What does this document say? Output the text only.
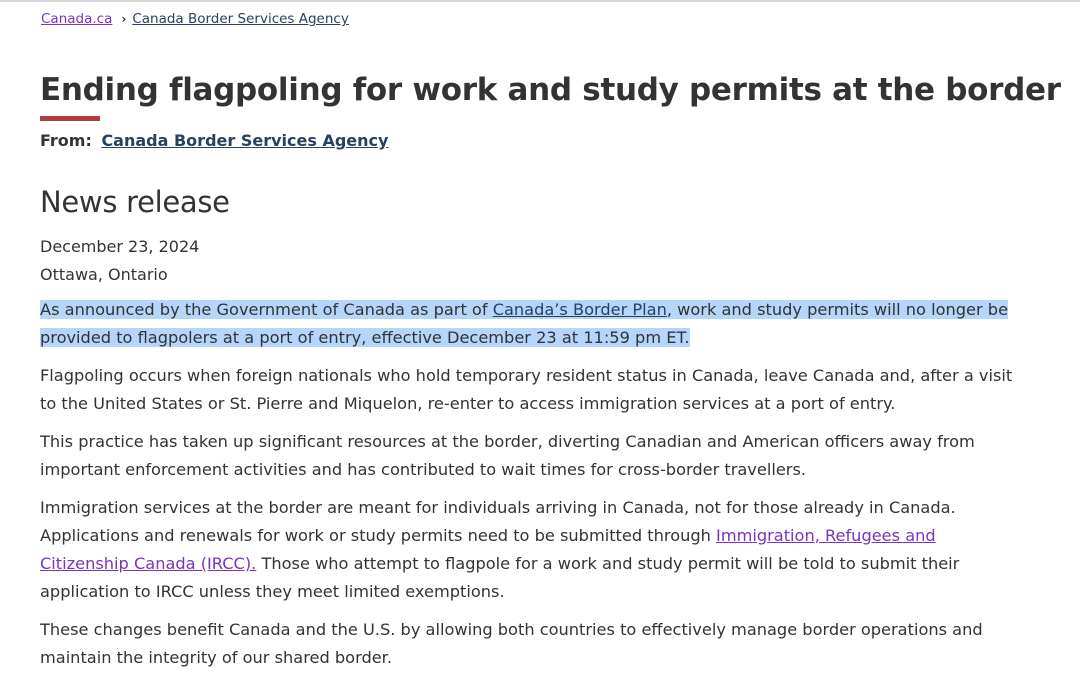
Canada.ca › Canada Border Services Agency
Ending flagpoling for work and study permits at the border
From: Canada Border Services Agency
News release
December 23, 2024
Ottawa, Ontario

As announced by the Government of Canada as part of Canada’s Border Plan, work and study permits will no longer be provided to flagpolers at a port of entry, effective December 23 at 11:59 pm ET.

Flagpoling occurs when foreign nationals who hold temporary resident status in Canada, leave Canada and, after a visit to the United States or St. Pierre and Miquelon, re-enter to access immigration services at a port of entry.

This practice has taken up significant resources at the border, diverting Canadian and American officers away from important enforcement activities and has contributed to wait times for cross-border travellers.

Immigration services at the border are meant for individuals arriving in Canada, not for those already in Canada. Applications and renewals for work or study permits need to be submitted through Immigration, Refugees and Citizenship Canada (IRCC). Those who attempt to flagpole for a work and study permit will be told to submit their application to IRCC unless they meet limited exemptions.

These changes benefit Canada and the U.S. by allowing both countries to effectively manage border operations and maintain the integrity of our shared border.
